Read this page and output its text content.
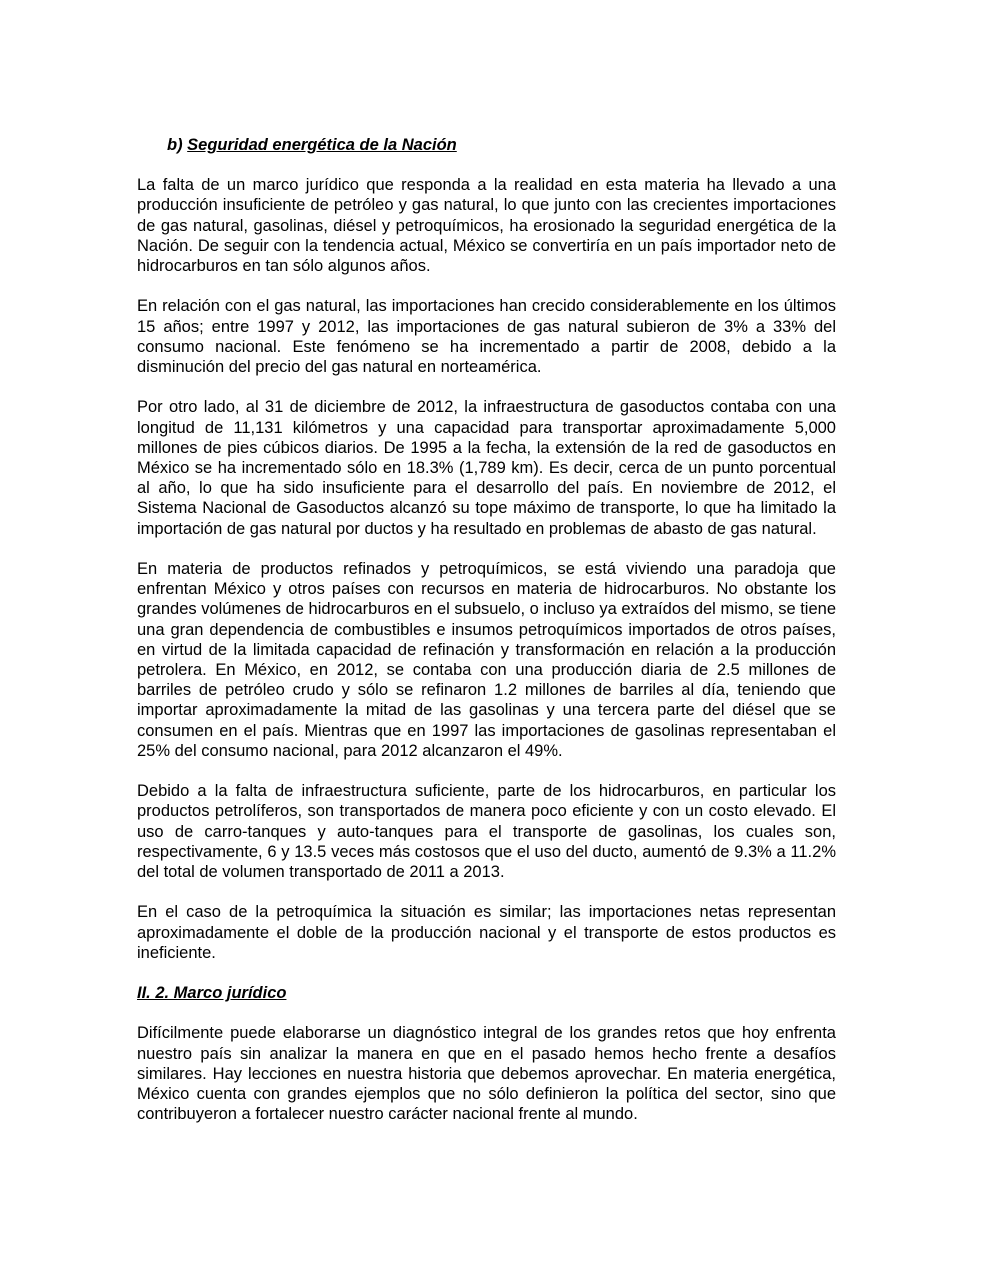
b) Seguridad energética de la Nación

La falta de un marco jurídico que responda a la realidad en esta materia ha llevado a una producción insuficiente de petróleo y gas natural, lo que junto con las crecientes importaciones de gas natural, gasolinas, diésel y petroquímicos, ha erosionado la seguridad energética de la Nación. De seguir con la tendencia actual, México se convertiría en un país importador neto de hidrocarburos en tan sólo algunos años.

En relación con el gas natural, las importaciones han crecido considerablemente en los últimos 15 años; entre 1997 y 2012, las importaciones de gas natural subieron de 3% a 33% del consumo nacional. Este fenómeno se ha incrementado a partir de 2008, debido a la disminución del precio del gas natural en norteamérica.

Por otro lado, al 31 de diciembre de 2012, la infraestructura de gasoductos contaba con una longitud de 11,131 kilómetros y una capacidad para transportar aproximadamente 5,000 millones de pies cúbicos diarios. De 1995 a la fecha, la extensión de la red de gasoductos en México se ha incrementado sólo en 18.3% (1,789 km). Es decir, cerca de un punto porcentual al año, lo que ha sido insuficiente para el desarrollo del país. En noviembre de 2012, el Sistema Nacional de Gasoductos alcanzó su tope máximo de transporte, lo que ha limitado la importación de gas natural por ductos y ha resultado en problemas de abasto de gas natural.

En materia de productos refinados y petroquímicos, se está viviendo una paradoja que enfrentan México y otros países con recursos en materia de hidrocarburos. No obstante los grandes volúmenes de hidrocarburos en el subsuelo, o incluso ya extraídos del mismo, se tiene una gran dependencia de combustibles e insumos petroquímicos importados de otros países, en virtud de la limitada capacidad de refinación y transformación en relación a la producción petrolera. En México, en 2012, se contaba con una producción diaria de 2.5 millones de barriles de petróleo crudo y sólo se refinaron 1.2 millones de barriles al día, teniendo que importar aproximadamente la mitad de las gasolinas y una tercera parte del diésel que se consumen en el país. Mientras que en 1997 las importaciones de gasolinas representaban el 25% del consumo nacional, para 2012 alcanzaron el 49%.

Debido a la falta de infraestructura suficiente, parte de los hidrocarburos, en particular los productos petrolíferos, son transportados de manera poco eficiente y con un costo elevado. El uso de carro-tanques y auto-tanques para el transporte de gasolinas, los cuales son, respectivamente, 6 y 13.5 veces más costosos que el uso del ducto, aumentó de 9.3% a 11.2% del total de volumen transportado de 2011 a 2013.

En el caso de la petroquímica la situación es similar; las importaciones netas representan aproximadamente el doble de la producción nacional y el transporte de estos productos es ineficiente.

II. 2. Marco jurídico

Difícilmente puede elaborarse un diagnóstico integral de los grandes retos que hoy enfrenta nuestro país sin analizar la manera en que en el pasado hemos hecho frente a desafíos similares. Hay lecciones en nuestra historia que debemos aprovechar. En materia energética, México cuenta con grandes ejemplos que no sólo definieron la política del sector, sino que contribuyeron a fortalecer nuestro carácter nacional frente al mundo.
